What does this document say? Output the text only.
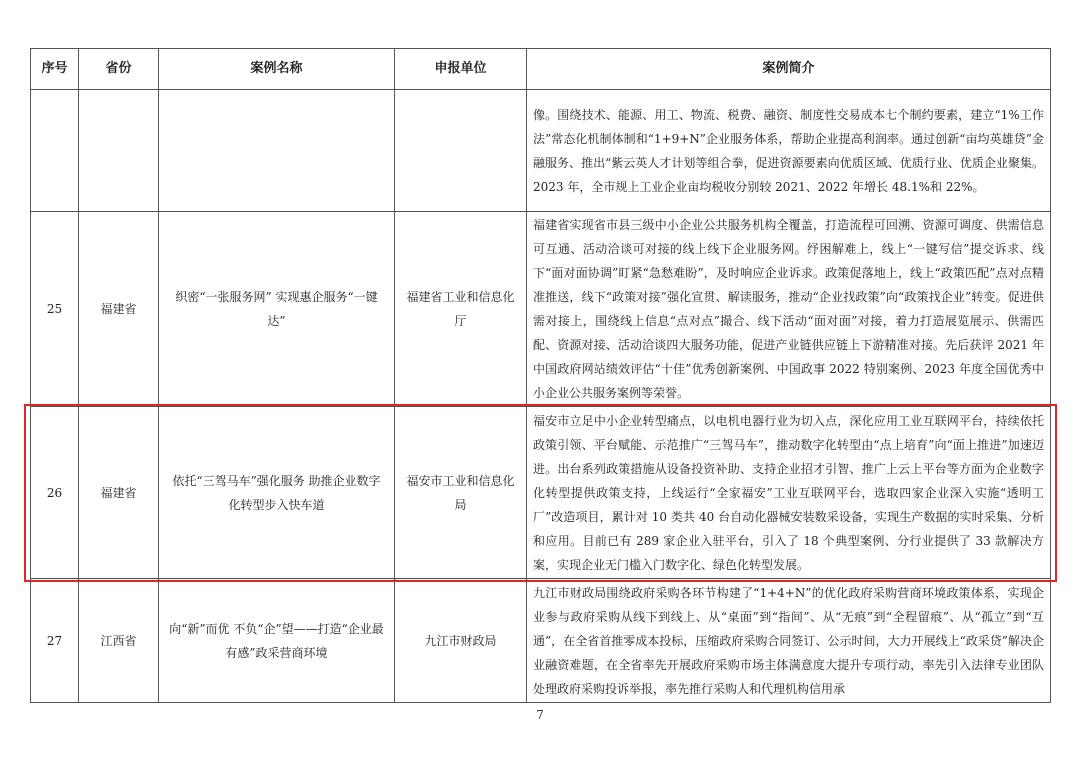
序号	省份	案例名称	申报单位	案例简介
				像。围绕技术、能源、用工、物流、税费、融资、制度性交易成本七个制约要素，建立“1%工作法”常态化机制体制和“1+9+N”企业服务体系，帮助企业提高利润率。通过创新“亩均英雄贷”金融服务、推出“紫云英人才计划等组合拳，促进资源要素向优质区域、优质行业、优质企业聚集。2023 年，全市规上工业企业亩均税收分别较 2021、2022 年增长 48.1%和 22%。
25	福建省	织密“一张服务网” 实现惠企服务“一键达”	福建省工业和信息化厅	福建省实现省市县三级中小企业公共服务机构全覆盖，打造流程可回溯、资源可调度、供需信息可互通、活动洽谈可对接的线上线下企业服务网。纾困解难上，线上“一键写信”提交诉求、线下“面对面协调”盯紧“急愁难盼”，及时响应企业诉求。政策促落地上，线上“政策匹配”点对点精准推送，线下“政策对接”强化宣贯、解读服务，推动“企业找政策”向“政策找企业”转变。促进供需对接上，围绕线上信息“点对点”撮合、线下活动“面对面”对接，着力打造展览展示、供需匹配、资源对接、活动洽谈四大服务功能，促进产业链供应链上下游精准对接。先后获评 2021 年中国政府网站绩效评估“十佳”优秀创新案例、中国政事 2022 特别案例、2023 年度全国优秀中小企业公共服务案例等荣誉。
26	福建省	依托“三驾马车”强化服务 助推企业数字化转型步入快车道	福安市工业和信息化局	福安市立足中小企业转型痛点，以电机电器行业为切入点，深化应用工业互联网平台，持续依托政策引领、平台赋能、示范推广“三驾马车”，推动数字化转型由“点上培育”向“面上推进”加速迈进。出台系列政策措施从设备投资补助、支持企业招才引智、推广上云上平台等方面为企业数字化转型提供政策支持，上线运行“全家福安”工业互联网平台，选取四家企业深入实施“透明工厂”改造项目，累计对 10 类共 40 台自动化器械安装数采设备，实现生产数据的实时采集、分析和应用。目前已有 289 家企业入驻平台，引入了 18 个典型案例、分行业提供了 33 款解决方案，实现企业无门槛入门数字化、绿色化转型发展。
27	江西省	向“新”而优 不负“企”望——打造“企业最有感”政采营商环境	九江市财政局	九江市财政局围绕政府采购各环节构建了“1+4+N”的优化政府采购营商环境政策体系，实现企业参与政府采购从线下到线上、从“桌面”到“指间”、从“无痕”到“全程留痕”、从“孤立”到“互通”，在全省首推零成本投标，压缩政府采购合同签订、公示时间，大力开展线上“政采贷”解决企业融资难题，在全省率先开展政府采购市场主体满意度大提升专项行动，率先引入法律专业团队处理政府采购投诉举报，率先推行采购人和代理机构信用承
7
